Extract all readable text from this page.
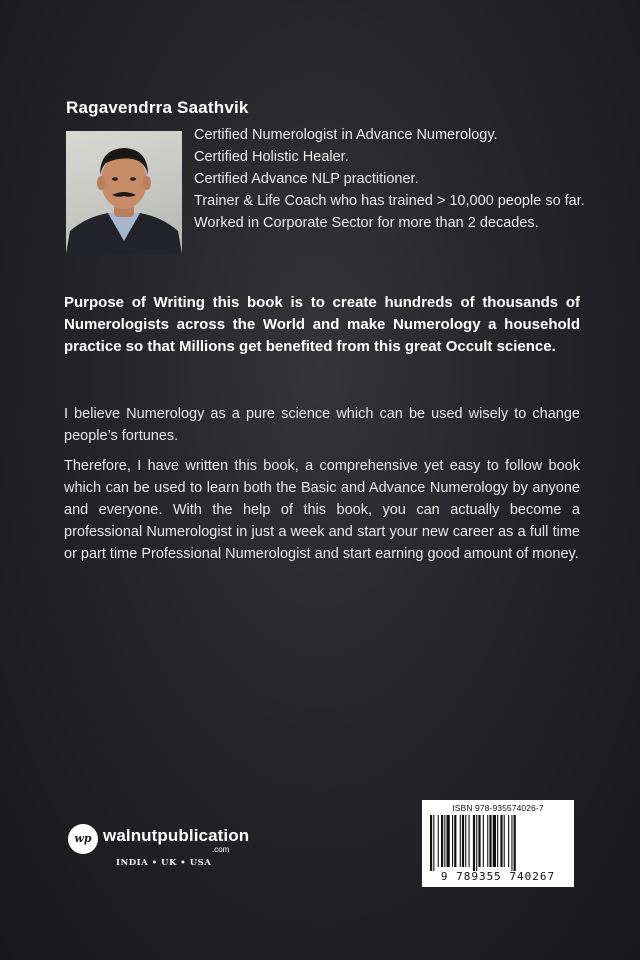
Ragavendrra Saathvik
Certified Numerologist in Advance Numerology.
Certified Holistic Healer.
Certified Advance NLP practitioner.
Trainer & Life Coach who has trained > 10,000 people so far.
Worked in Corporate Sector for more than 2 decades.

Purpose of Writing this book is to create hundreds of thousands of Numerologists across the World and make Numerology a household practice so that Millions get benefited from this great Occult science.

I believe Numerology as a pure science which can be used wisely to change people’s fortunes.

Therefore, I have written this book, a comprehensive yet easy to follow book which can be used to learn both the Basic and Advance Numerology by anyone and everyone. With the help of this book, you can actually become a professional Numerologist in just a week and start your new career as a full time or part time Professional Numerologist and start earning good amount of money.

wp walnutpublication
.com
INDIA • UK • USA
ISBN 978-935574026-7
9 789355 740267
